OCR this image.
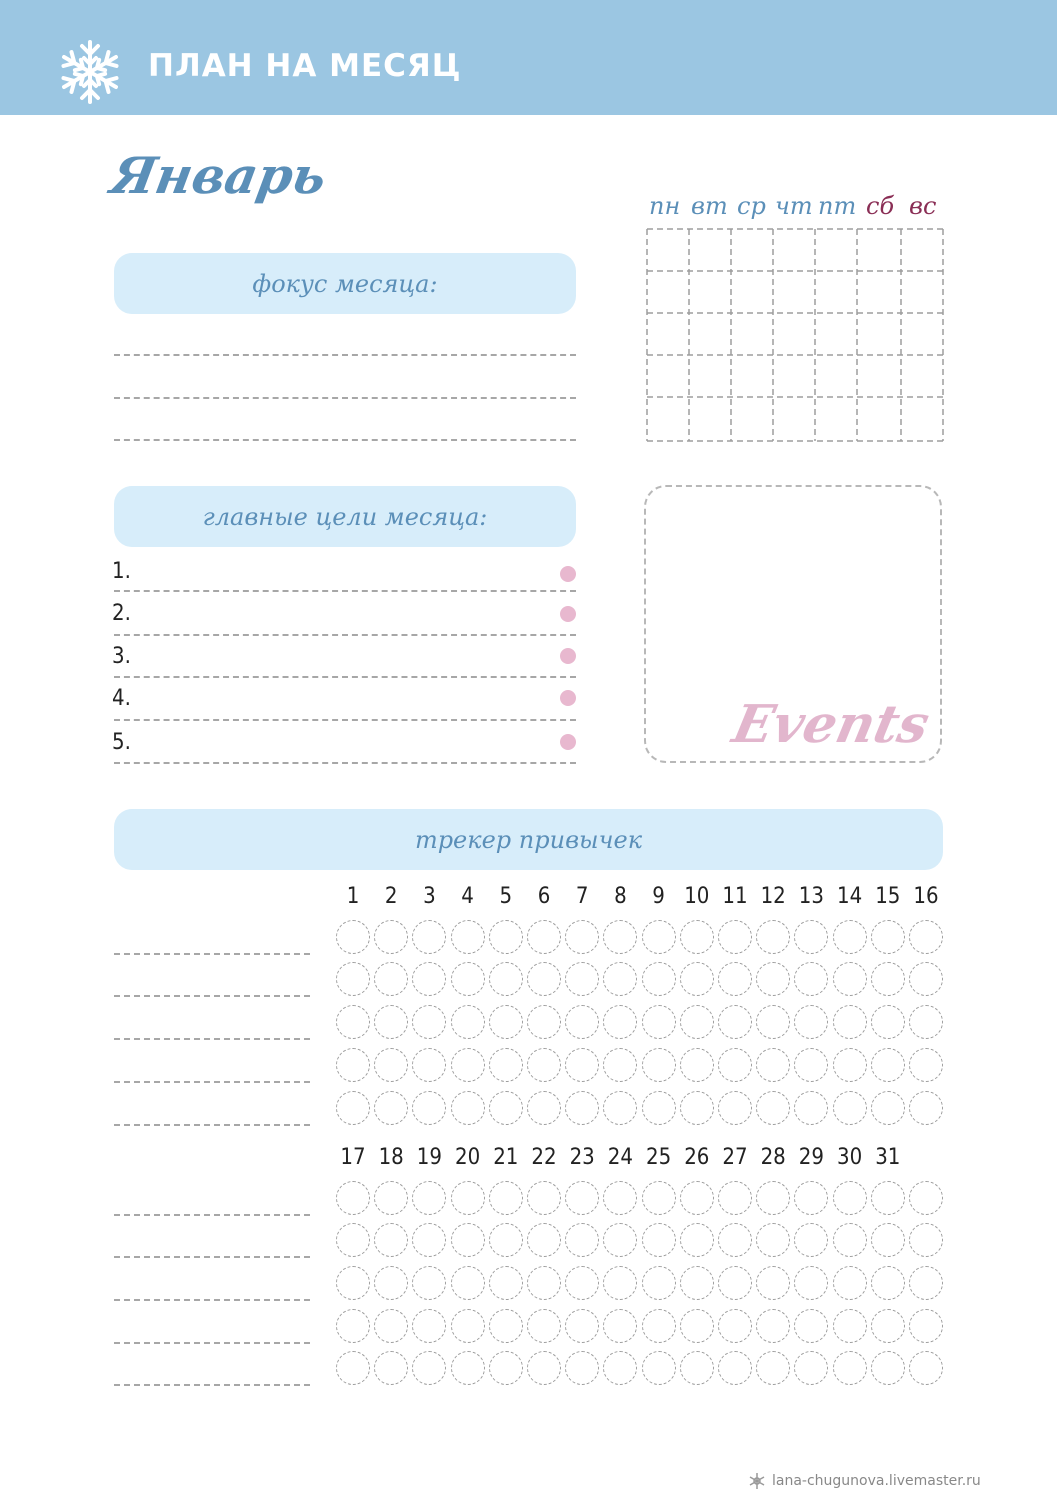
ПЛАН НА МЕСЯЦ
Январь
фокус месяца:
главные цели месяца:
1.
2.
3.
4.
5.
пн вт ср чт пт сб вс
Events
трекер привычек
1	2	3	4	5	6	7	8	9 10 11 12 13 14 15 16
17 18 19 20 21 22 23 24 25 26 27 28 29 30 31
lana-chugunova.livemaster.ru
